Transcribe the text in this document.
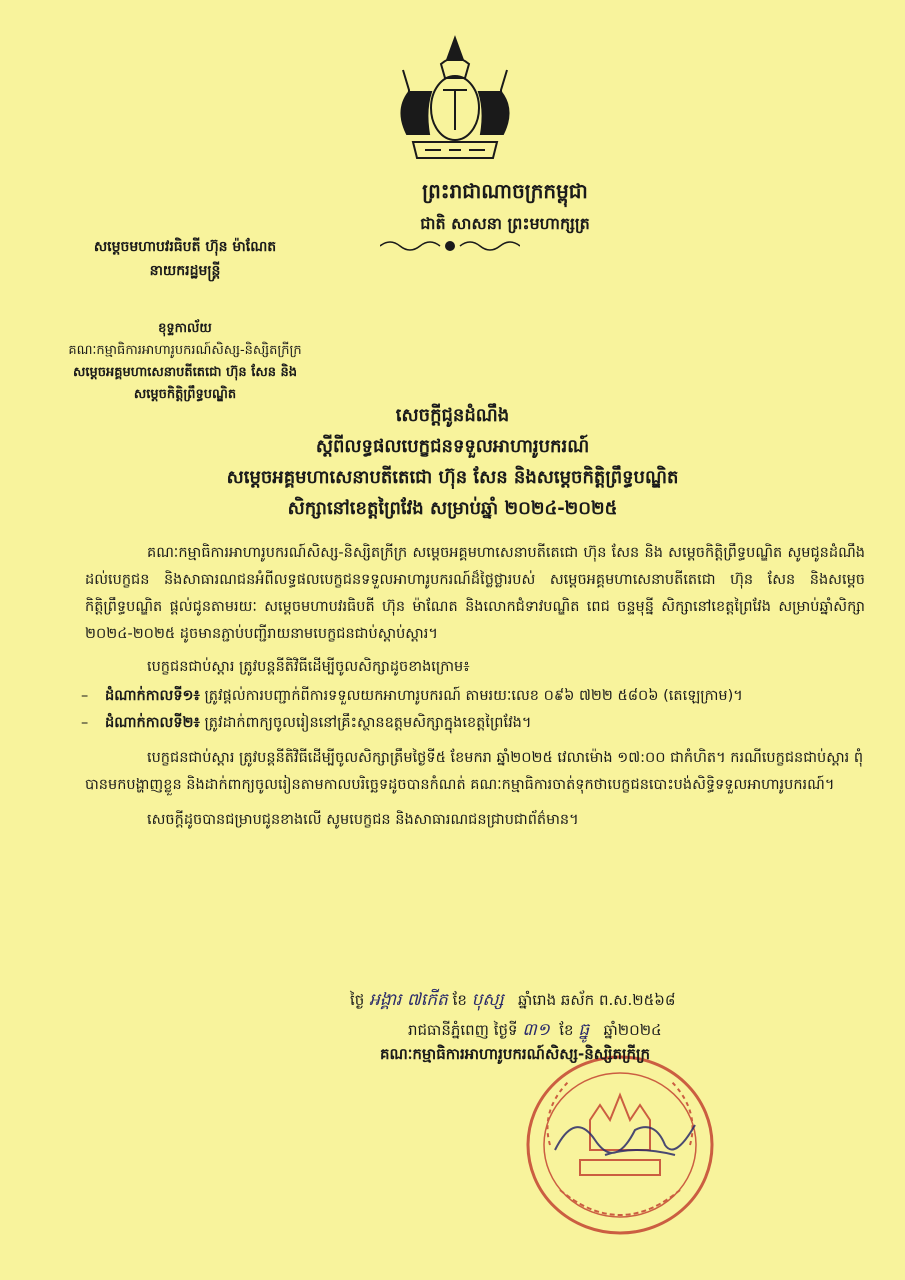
ព្រះរាជាណាចក្រកម្ពុជា
ជាតិ សាសនា ព្រះមហាក្សត្រ
សម្ដេចមហាបវរធិបតី ហ៊ុន ម៉ាណែត
នាយករដ្ឋមន្ត្រី
ខុទ្ទកាល័យ
គណៈកម្មាធិការអាហារូបករណ៍សិស្ស-និស្សិតក្រីក្រ
សម្ដេចអគ្គមហាសេនាបតីតេជោ ហ៊ុន សែន និង
សម្ដេចកិត្តិព្រឹទ្ធបណ្ឌិត
សេចក្តីជូនដំណឹង
ស្តីពីលទ្ធផលបេក្ខជនទទួលអាហារូបករណ៍
សម្ដេចអគ្គមហាសេនាបតីតេជោ ហ៊ុន សែន និងសម្ដេចកិត្តិព្រឹទ្ធបណ្ឌិត
សិក្សានៅខេត្តព្រៃវែង សម្រាប់ឆ្នាំ ២០២៤-២០២៥

គណៈកម្មាធិការអាហារូបករណ៍សិស្ស-និស្សិតក្រីក្រ សម្ដេចអគ្គមហាសេនាបតីតេជោ ហ៊ុន សែន និង សម្ដេចកិត្តិព្រឹទ្ធបណ្ឌិត សូមជូនដំណឹងដល់បេក្ខជន និងសាធារណជនអំពីលទ្ធផលបេក្ខជនទទួលអាហារូបករណ៍ដ៏ថ្លៃថ្លារបស់ សម្ដេចអគ្គមហាសេនាបតីតេជោ ហ៊ុន សែន និងសម្ដេចកិត្តិព្រឹទ្ធបណ្ឌិត ផ្តល់ជូនតាមរយៈ សម្ដេចមហាបវរធិបតី ហ៊ុន ម៉ាណែត និងលោកជំទាវបណ្ឌិត ពេជ ចន្ទមុន្នី សិក្សានៅខេត្តព្រៃវែង សម្រាប់ឆ្នាំសិក្សា ២០២៤-២០២៥ ដូចមានភ្ជាប់បញ្ជីរាយនាមបេក្ខជនជាប់ស្ដាប់ស្ដារ។

បេក្ខជនជាប់ស្ដារ ត្រូវបន្តនីតិវិធីដើម្បីចូលសិក្សាដូចខាងក្រោម៖

– ដំណាក់កាលទី១៖ ត្រូវផ្តល់ការបញ្ជាក់ពីការទទួលយកអាហារូបករណ៍ តាមរយៈលេខ ០៩៦ ៧២២ ៥៨០៦ (តេឡេក្រាម)។
– ដំណាក់កាលទី២៖ ត្រូវដាក់ពាក្យចូលរៀននៅគ្រឹះស្ថានឧត្តមសិក្សាក្នុងខេត្តព្រៃវែង។

បេក្ខជនជាប់ស្ដារ ត្រូវបន្តនីតិវិធីដើម្បីចូលសិក្សាត្រឹមថ្ងៃទី៥ ខែមករា ឆ្នាំ២០២៥ វេលាម៉ោង ១៧:០០ ជាកំហិត។ ករណីបេក្ខជនជាប់ស្ដារ ពុំបានមកបង្ហាញខ្លួន និងដាក់ពាក្យចូលរៀនតាមកាលបរិច្ឆេទដូចបានកំណត់ គណៈកម្មាធិការចាត់ទុកថាបេក្ខជនបោះបង់សិទ្ធិទទួលអាហារូបករណ៍។

សេចក្តីដូចបានជម្រាបជូនខាងលើ សូមបេក្ខជន និងសាធារណជនជ្រាបជាព័ត៌មាន។

ថ្ងៃ អង្គារ ៧កើត ខែ បុស្ស ឆ្នាំរោង ឆស័ក ព.ស.២៥៦៨
រាជធានីភ្នំពេញ ថ្ងៃទី ៣១ ខែ ធ្នូ ឆ្នាំ២០២៤
គណៈកម្មាធិការអាហារូបករណ៍សិស្ស-និស្សិតក្រីក្រ
